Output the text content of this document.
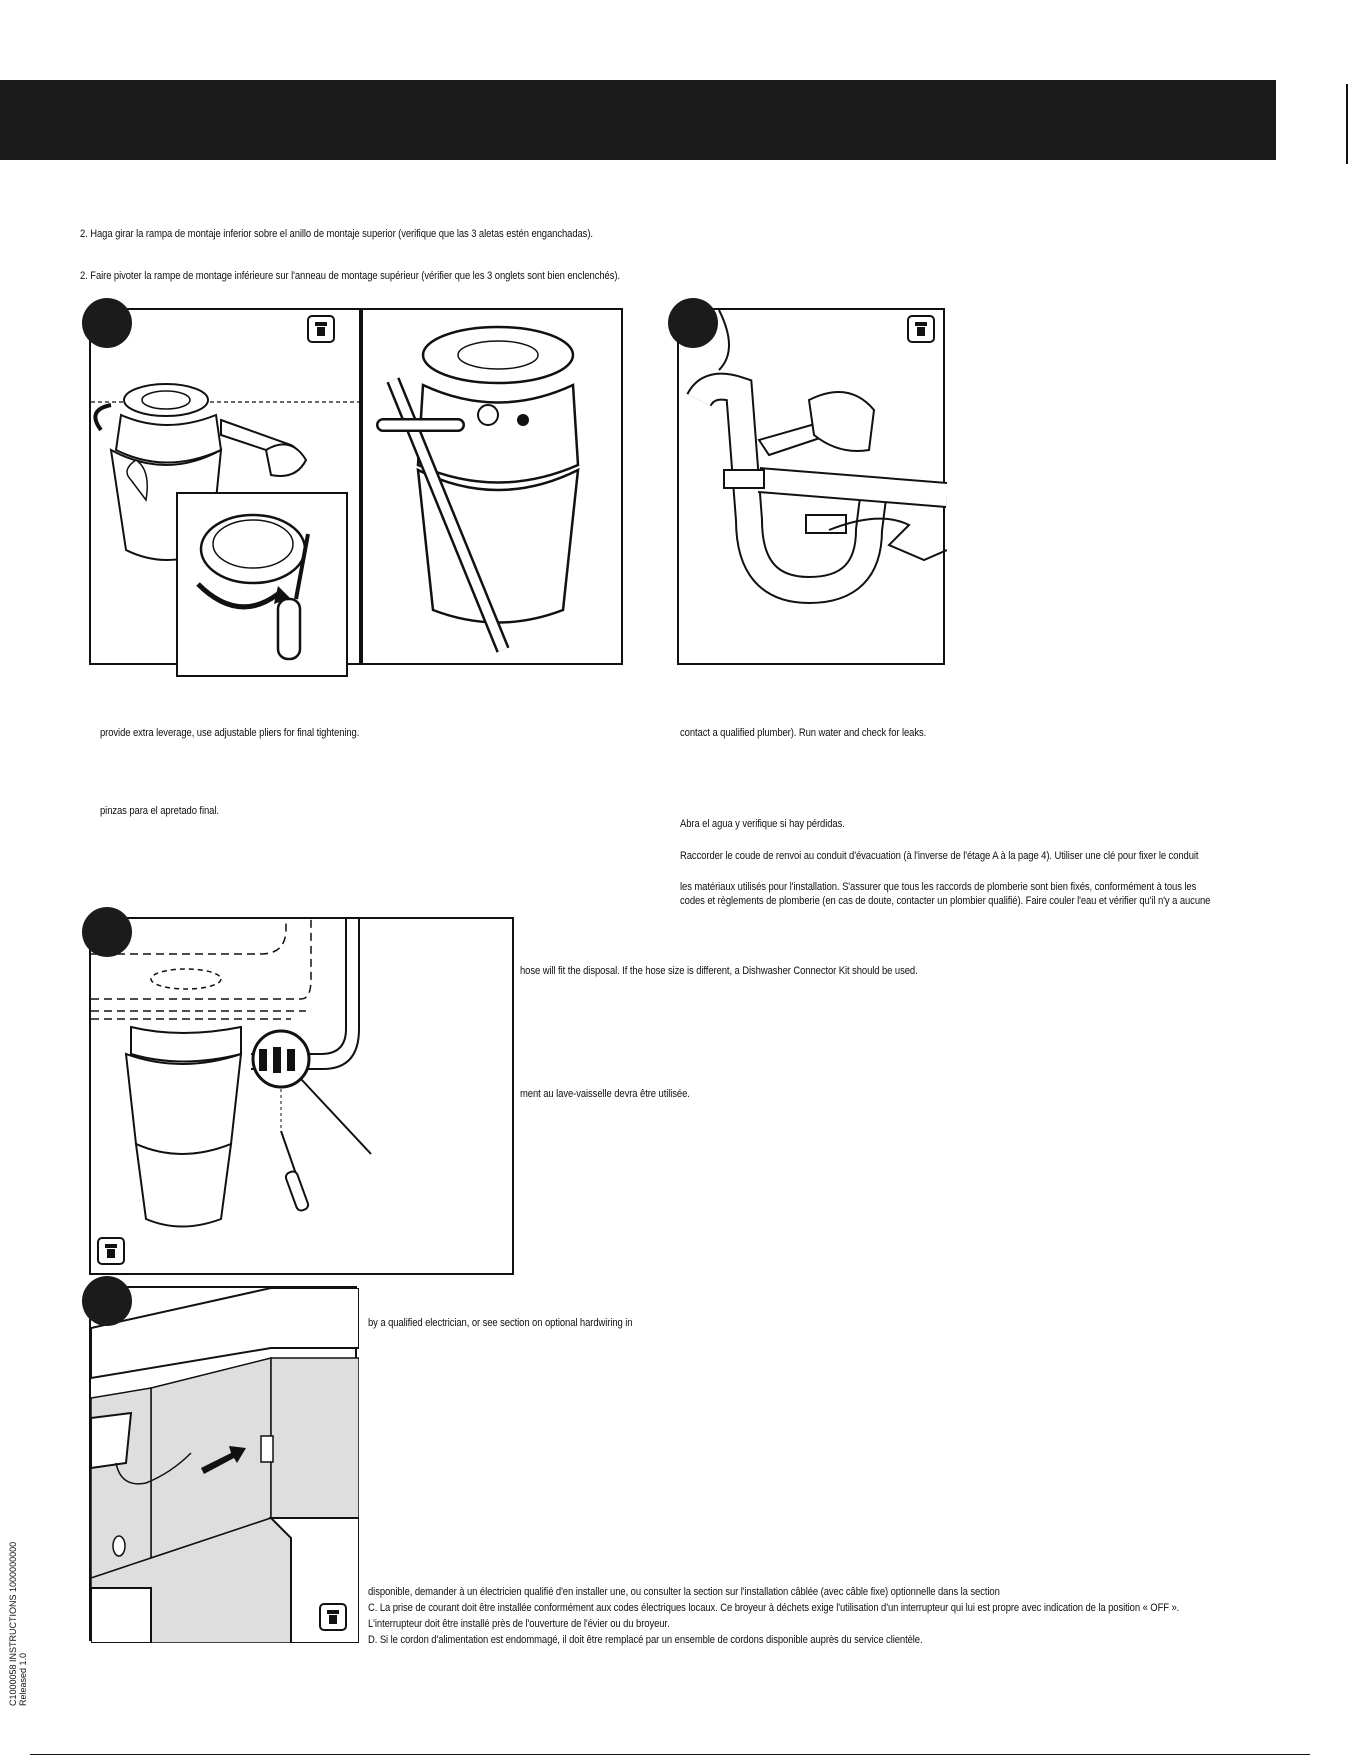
2. Haga girar la rampa de montaje inferior sobre el anillo de montaje superior (verifique que las 3 aletas estén enganchadas).
2. Faire pivoter la rampe de montage inférieure sur l'anneau de montage supérieur (vérifier que les 3 onglets sont bien enclenchés).
provide extra leverage, use adjustable pliers for final tightening.
pinzas para el apretado final.
contact a qualified plumber). Run water and check for leaks.
Abra el agua y verifique si hay pérdidas.
Raccorder le coude de renvoi au conduit d'évacuation (à l'inverse de l'étage A à la page 4). Utiliser une clé pour fixer le conduit
les matériaux utilisés pour l'installation. S'assurer que tous les raccords de plomberie sont bien fixés, conformément à tous les
codes et règlements de plomberie (en cas de doute, contacter un plombier qualifié). Faire couler l'eau et vérifier qu'il n'y a aucune
hose will fit the disposal. If the hose size is different, a Dishwasher Connector Kit should be used.
ment au lave-vaisselle devra être utilisée.
by a qualified electrician, or see section on optional hardwiring in
disponible, demander à un électricien qualifié d'en installer une, ou consulter la section sur l'installation câblée (avec câble fixe) optionnelle dans la section
C. La prise de courant doit être installée conformément aux codes électriques locaux. Ce broyeur à déchets exige l'utilisation d'un interrupteur qui lui est propre avec indication de la position « OFF ».
L'interrupteur doit être installé près de l'ouverture de l'évier ou du broyeur.
D. Si le cordon d'alimentation est endommagé, il doit être remplacé par un ensemble de cordons disponible auprès du service clientèle.
C1000058 INSTRUCTIONS 1000000000 Released 1.0
